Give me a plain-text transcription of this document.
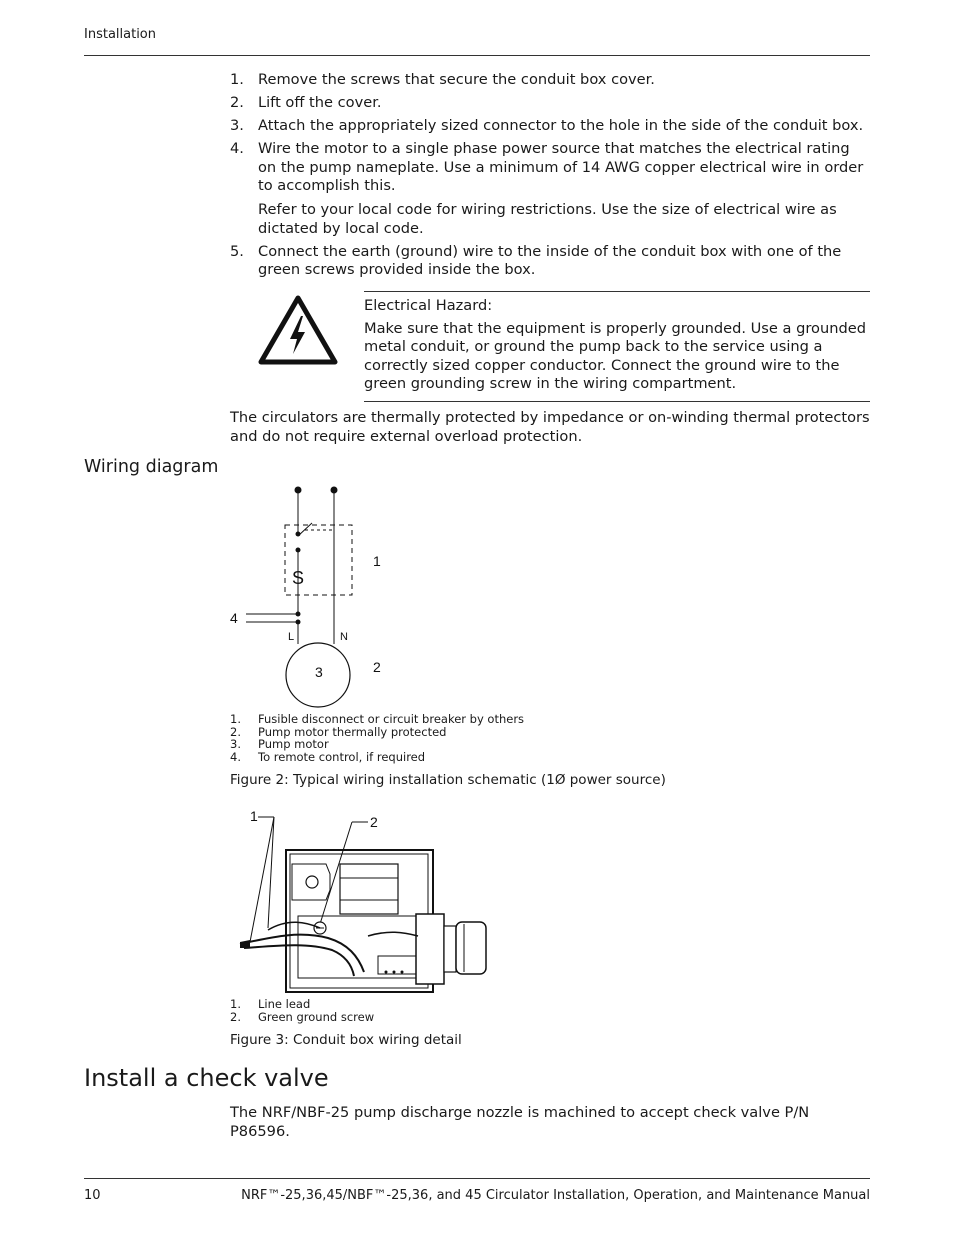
Installation
1. Remove the screws that secure the conduit box cover.
2. Lift off the cover.
3. Attach the appropriately sized connector to the hole in the side of the conduit box.
4. Wire the motor to a single phase power source that matches the electrical rating on the pump nameplate. Use a minimum of 14 AWG copper electrical wire in order to accomplish this.
Refer to your local code for wiring restrictions. Use the size of electrical wire as dictated by local code.
5. Connect the earth (ground) wire to the inside of the conduit box with one of the green screws provided inside the box.
Electrical Hazard:
Make sure that the equipment is properly grounded. Use a grounded metal conduit, or ground the pump back to the service using a correctly sized copper conductor. Connect the ground wire to the green grounding screw in the wiring compartment.
The circulators are thermally protected by impedance or on-winding thermal protectors and do not require external overload protection.
Wiring diagram
S
1
2
3
4
L	N
1. Fusible disconnect or circuit breaker by others
2. Pump motor thermally protected
3. Pump motor
4. To remote control, if required
Figure 2: Typical wiring installation schematic (1Ø power source)
1	2
1. Line lead
2. Green ground screw
Figure 3: Conduit box wiring detail
Install a check valve
The NRF/NBF-25 pump discharge nozzle is machined to accept check valve P/N P86596.
10	NRF™-25,36,45/NBF™-25,36, and 45 Circulator Installation, Operation, and Maintenance Manual
